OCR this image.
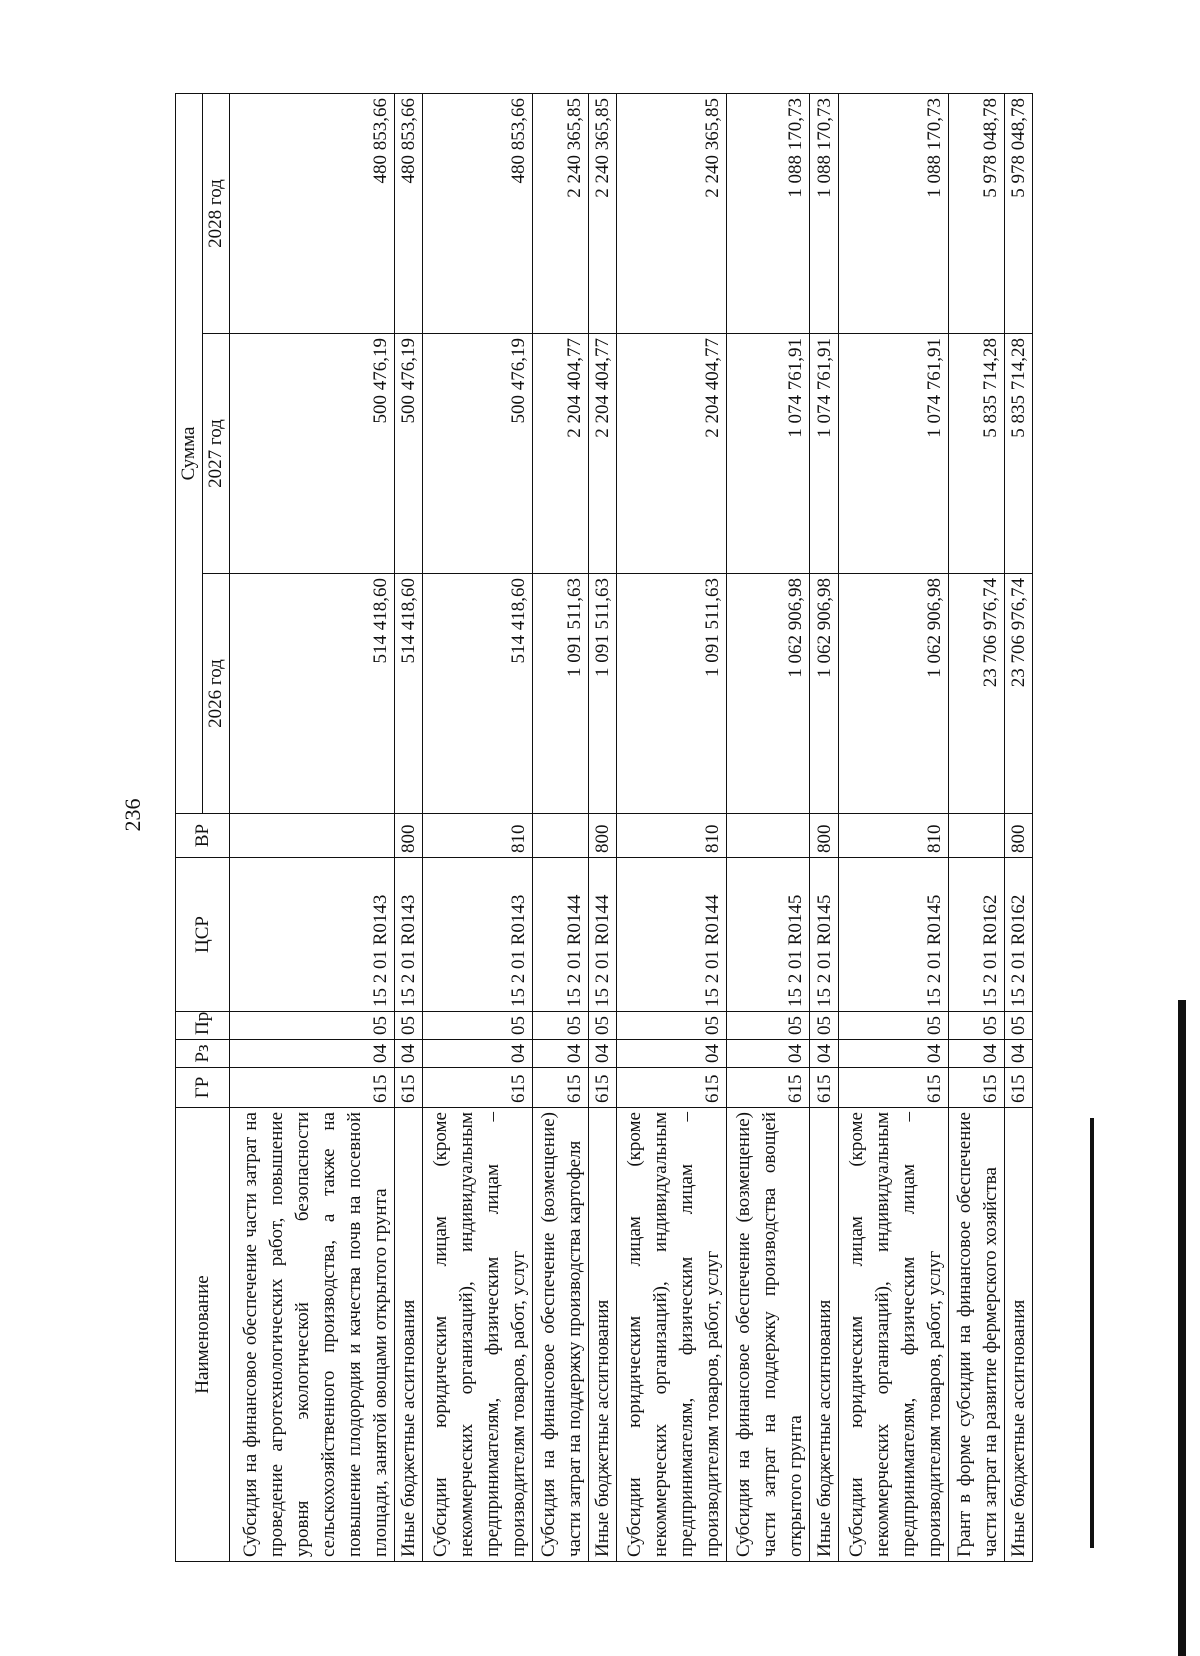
236
Наименование	ГР	Рз	Пр	ЦСР	ВР	Сумма		
						2026 год	2027 год	2028 год
Субсидия на финансовое обеспечение части затрат на проведение агротехнологических работ, повышение уровня экологической безопасности сельскохозяйственного производства, а также на повышение плодородия и качества почв на посевной площади, занятой овощами открытого грунта	615	04	05	15 2 01 R0143		514 418,60	500 476,19	480 853,66
Иные бюджетные ассигнования	615	04	05	15 2 01 R0143	800	514 418,60	500 476,19	480 853,66
Субсидии юридическим лицам (кроме некоммерческих организаций), индивидуальным предпринимателям, физическим лицам – производителям товаров, работ, услуг	615	04	05	15 2 01 R0143	810	514 418,60	500 476,19	480 853,66
Субсидия на финансовое обеспечение (возмещение) части затрат на поддержку производства картофеля	615	04	05	15 2 01 R0144		1 091 511,63	2 204 404,77	2 240 365,85
Иные бюджетные ассигнования	615	04	05	15 2 01 R0144	800	1 091 511,63	2 204 404,77	2 240 365,85
Субсидии юридическим лицам (кроме некоммерческих организаций), индивидуальным предпринимателям, физическим лицам – производителям товаров, работ, услуг	615	04	05	15 2 01 R0144	810	1 091 511,63	2 204 404,77	2 240 365,85
Субсидия на финансовое обеспечение (возмещение) части затрат на поддержку производства овощей открытого грунта	615	04	05	15 2 01 R0145		1 062 906,98	1 074 761,91	1 088 170,73
Иные бюджетные ассигнования	615	04	05	15 2 01 R0145	800	1 062 906,98	1 074 761,91	1 088 170,73
Субсидии юридическим лицам (кроме некоммерческих организаций), индивидуальным предпринимателям, физическим лицам – производителям товаров, работ, услуг	615	04	05	15 2 01 R0145	810	1 062 906,98	1 074 761,91	1 088 170,73
Грант в форме субсидии на финансовое обеспечение части затрат на развитие фермерского хозяйства	615	04	05	15 2 01 R0162		23 706 976,74	5 835 714,28	5 978 048,78
Иные бюджетные ассигнования	615	04	05	15 2 01 R0162	800	23 706 976,74	5 835 714,28	5 978 048,78
